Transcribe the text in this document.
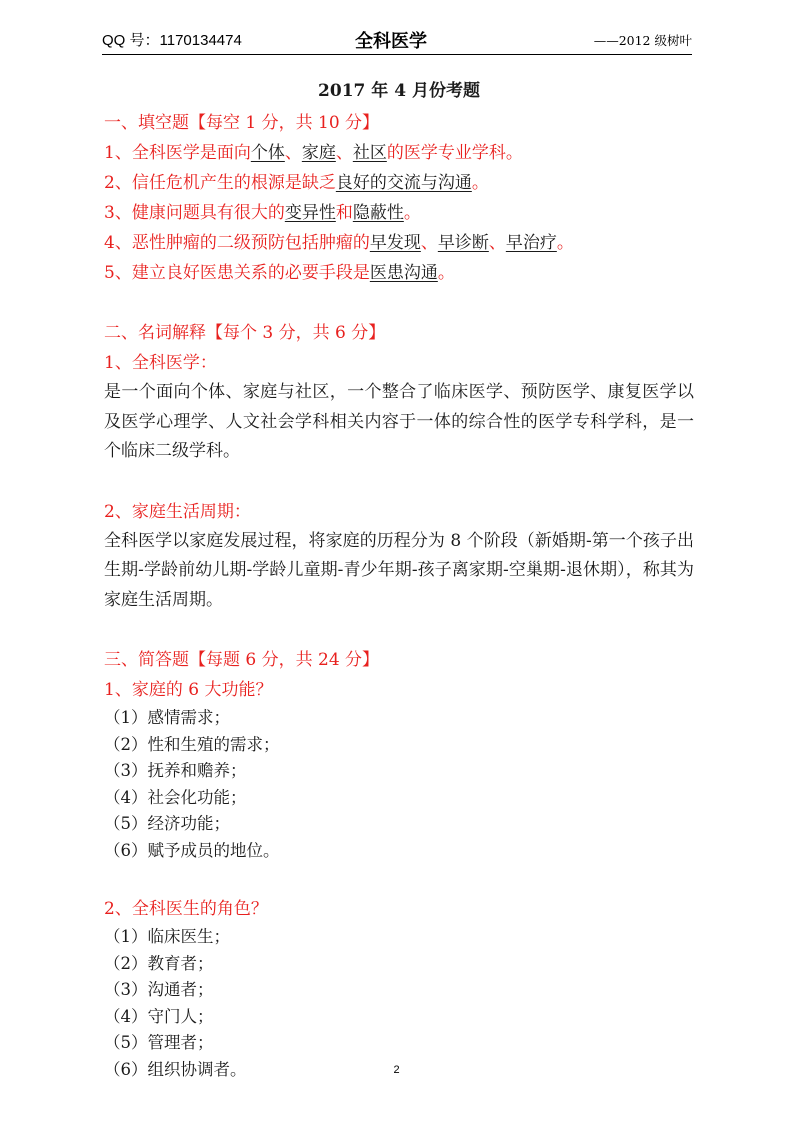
QQ 号：1170134474	全科医学	——2012 级树叶
2017 年 4 月份考题
一、填空题【每空 1 分，共 10 分】
1、全科医学是面向个体、家庭、社区的医学专业学科。
2、信任危机产生的根源是缺乏良好的交流与沟通。
3、健康问题具有很大的变异性和隐蔽性。
4、恶性肿瘤的二级预防包括肿瘤的早发现、早诊断、早治疗。
5、建立良好医患关系的必要手段是医患沟通。
二、名词解释【每个 3 分，共 6 分】
1、全科医学：
是一个面向个体、家庭与社区，一个整合了临床医学、预防医学、康复医学以及医学心理学、人文社会学科相关内容于一体的综合性的医学专科学科，是一个临床二级学科。
2、家庭生活周期：
全科医学以家庭发展过程，将家庭的历程分为 8 个阶段（新婚期-第一个孩子出生期-学龄前幼儿期-学龄儿童期-青少年期-孩子离家期-空巢期-退休期），称其为家庭生活周期。
三、简答题【每题 6 分，共 24 分】
1、家庭的 6 大功能？
（1）感情需求；
（2）性和生殖的需求；
（3）抚养和赡养；
（4）社会化功能；
（5）经济功能；
（6）赋予成员的地位。
2、全科医生的角色？
（1）临床医生；
（2）教育者；
（3）沟通者；
（4）守门人；
（5）管理者；
（6）组织协调者。	2
